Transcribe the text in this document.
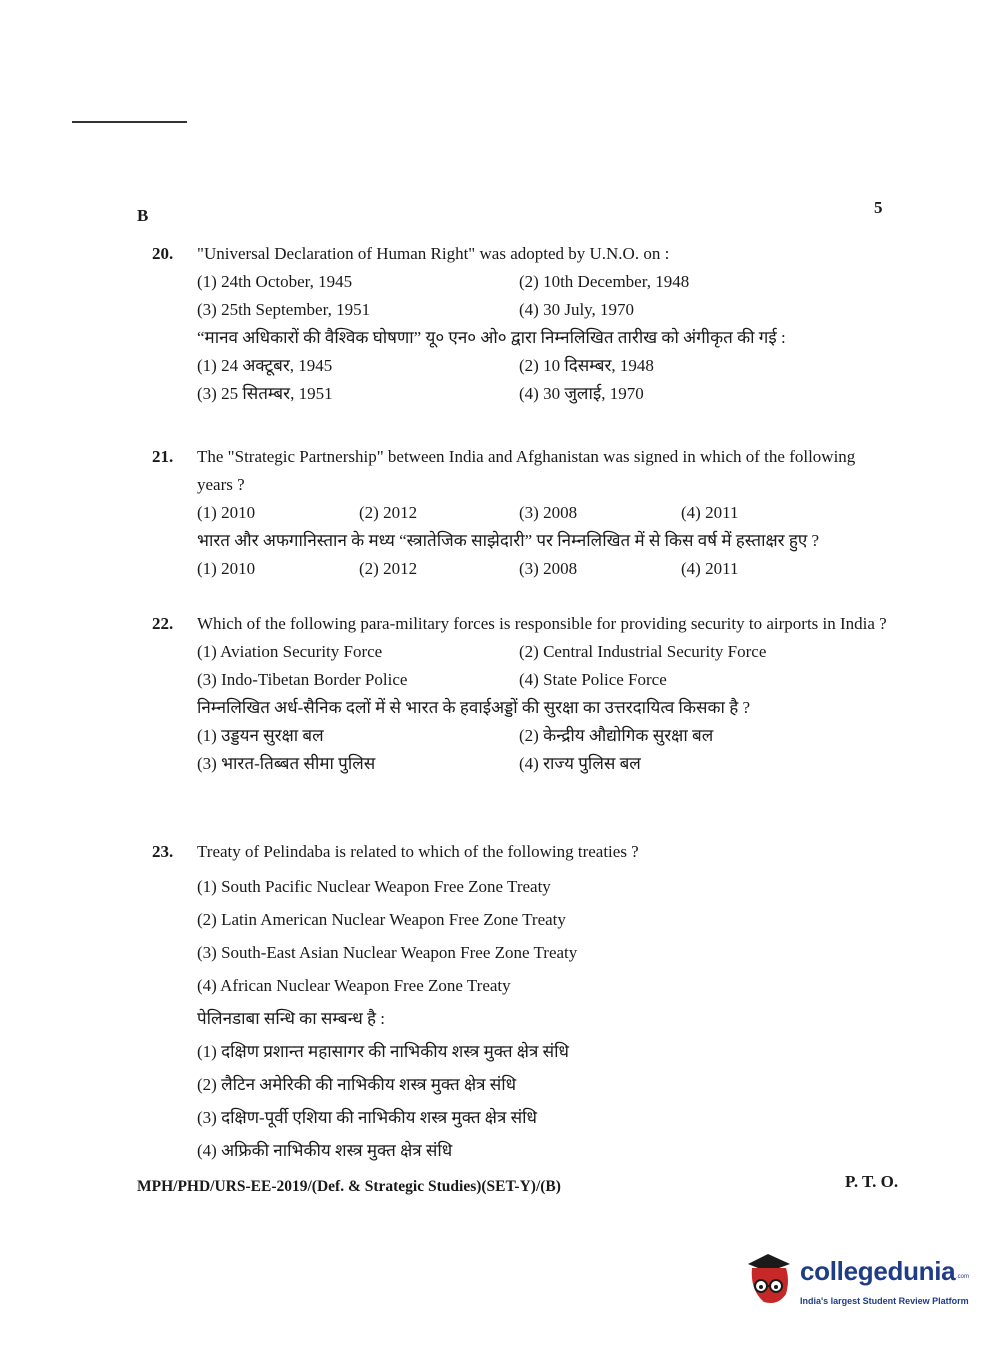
B	5
20. "Universal Declaration of Human Right" was adopted by U.N.O. on :

(1) 24th October, 1945	(2) 10th December, 1948
(3) 25th September, 1951	(4) 30 July, 1970

“मानव अधिकारों की वैश्विक घोषणा” यू० एन० ओ० द्वारा निम्नलिखित तारीख को अंगीकृत की गई :

(1) 24 अक्टूबर, 1945	(2) 10 दिसम्बर, 1948
(3) 25 सितम्बर, 1951	(4) 30 जुलाई, 1970
21. The "Strategic Partnership" between India and Afghanistan was signed in which of the following years ?

(1) 2010	(2) 2012	(3) 2008	(4) 2011

भारत और अफगानिस्तान के मध्य “स्त्रातेजिक साझेदारी” पर निम्नलिखित में से किस वर्ष में हस्ताक्षर हुए ?

(1) 2010	(2) 2012	(3) 2008	(4) 2011
22. Which of the following para-military forces is responsible for providing security to airports in India ?

(1) Aviation Security Force	(2) Central Industrial Security Force
(3) Indo-Tibetan Border Police	(4) State Police Force

निम्नलिखित अर्ध-सैनिक दलों में से भारत के हवाईअड्डों की सुरक्षा का उत्तरदायित्व किसका है ?

(1) उड्डयन सुरक्षा बल	(2) केन्द्रीय औद्योगिक सुरक्षा बल
(3) भारत-तिब्बत सीमा पुलिस	(4) राज्य पुलिस बल
23. Treaty of Pelindaba is related to which of the following treaties ?

(1) South Pacific Nuclear Weapon Free Zone Treaty
(2) Latin American Nuclear Weapon Free Zone Treaty
(3) South-East Asian Nuclear Weapon Free Zone Treaty
(4) African Nuclear Weapon Free Zone Treaty

पेलिनडाबा सन्धि का सम्बन्ध है :

(1) दक्षिण प्रशान्त महासागर की नाभिकीय शस्त्र मुक्त क्षेत्र संधि
(2) लैटिन अमेरिकी की नाभिकीय शस्त्र मुक्त क्षेत्र संधि
(3) दक्षिण-पूर्वी एशिया की नाभिकीय शस्त्र मुक्त क्षेत्र संधि
(4) अफ्रिकी नाभिकीय शस्त्र मुक्त क्षेत्र संधि
MPH/PHD/URS-EE-2019/(Def. & Strategic Studies)(SET-Y)/(B)	P. T. O.
collegedunia .com
India's largest Student Review Platform
